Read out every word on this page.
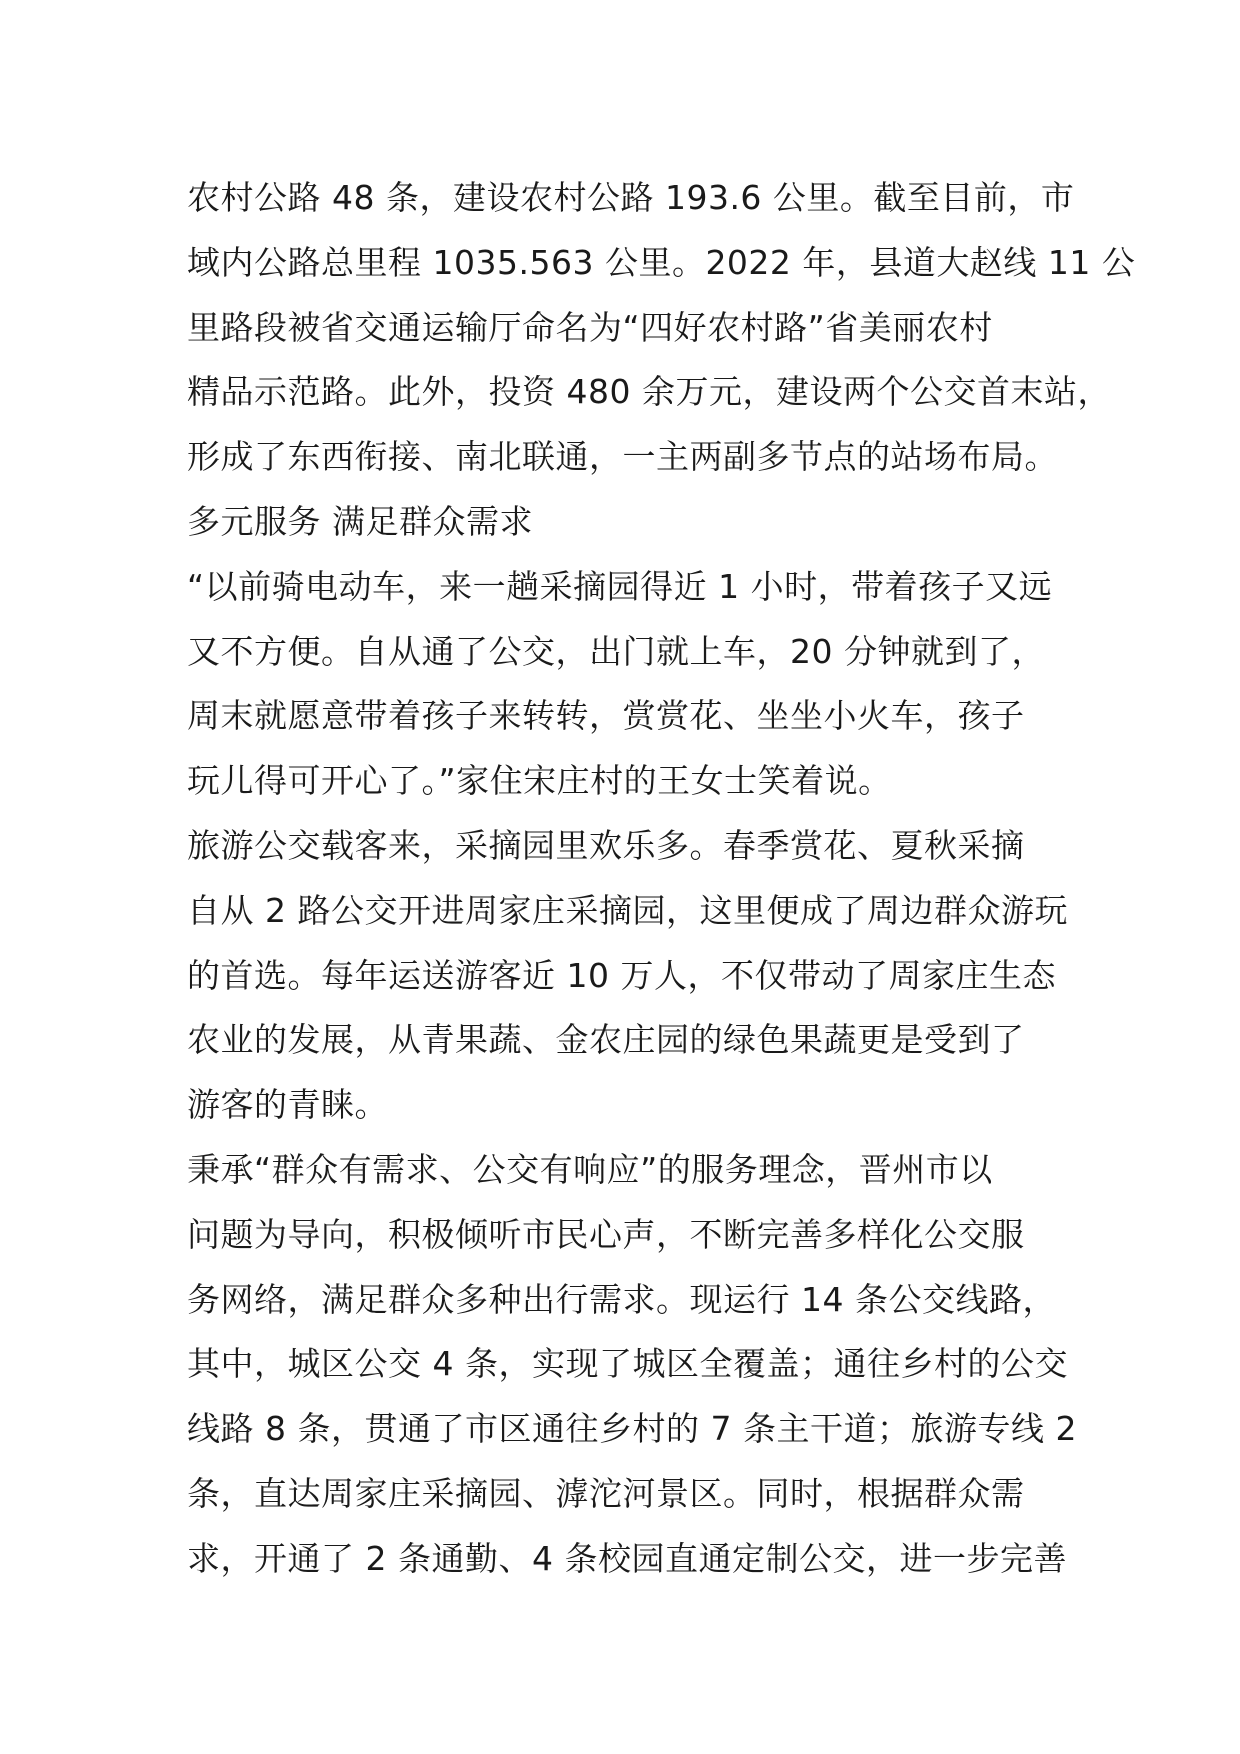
农村公路 48 条，建设农村公路 193.6 公里。截至目前，市
域内公路总里程 1035.563 公里。2022 年，县道大赵线 11 公
里路段被省交通运输厅命名为“四好农村路”省美丽农村
精品示范路。此外，投资 480 余万元，建设两个公交首末站，
形成了东西衔接、南北联通，一主两副多节点的站场布局。
多元服务 满足群众需求
“以前骑电动车，来一趟采摘园得近 1 小时，带着孩子又远
又不方便。自从通了公交，出门就上车，20 分钟就到了，
周末就愿意带着孩子来转转，赏赏花、坐坐小火车，孩子
玩儿得可开心了。”家住宋庄村的王女士笑着说。
旅游公交载客来，采摘园里欢乐多。春季赏花、夏秋采摘
自从 2 路公交开进周家庄采摘园，这里便成了周边群众游玩
的首选。每年运送游客近 10 万人，不仅带动了周家庄生态
农业的发展，从青果蔬、金农庄园的绿色果蔬更是受到了
游客的青睐。
秉承“群众有需求、公交有响应”的服务理念，晋州市以
问题为导向，积极倾听市民心声，不断完善多样化公交服
务网络，满足群众多种出行需求。现运行 14 条公交线路，
其中，城区公交 4 条，实现了城区全覆盖；通往乡村的公交
线路 8 条，贯通了市区通往乡村的 7 条主干道；旅游专线 2
条，直达周家庄采摘园、滹沱河景区。同时，根据群众需
求，开通了 2 条通勤、4 条校园直通定制公交，进一步完善
